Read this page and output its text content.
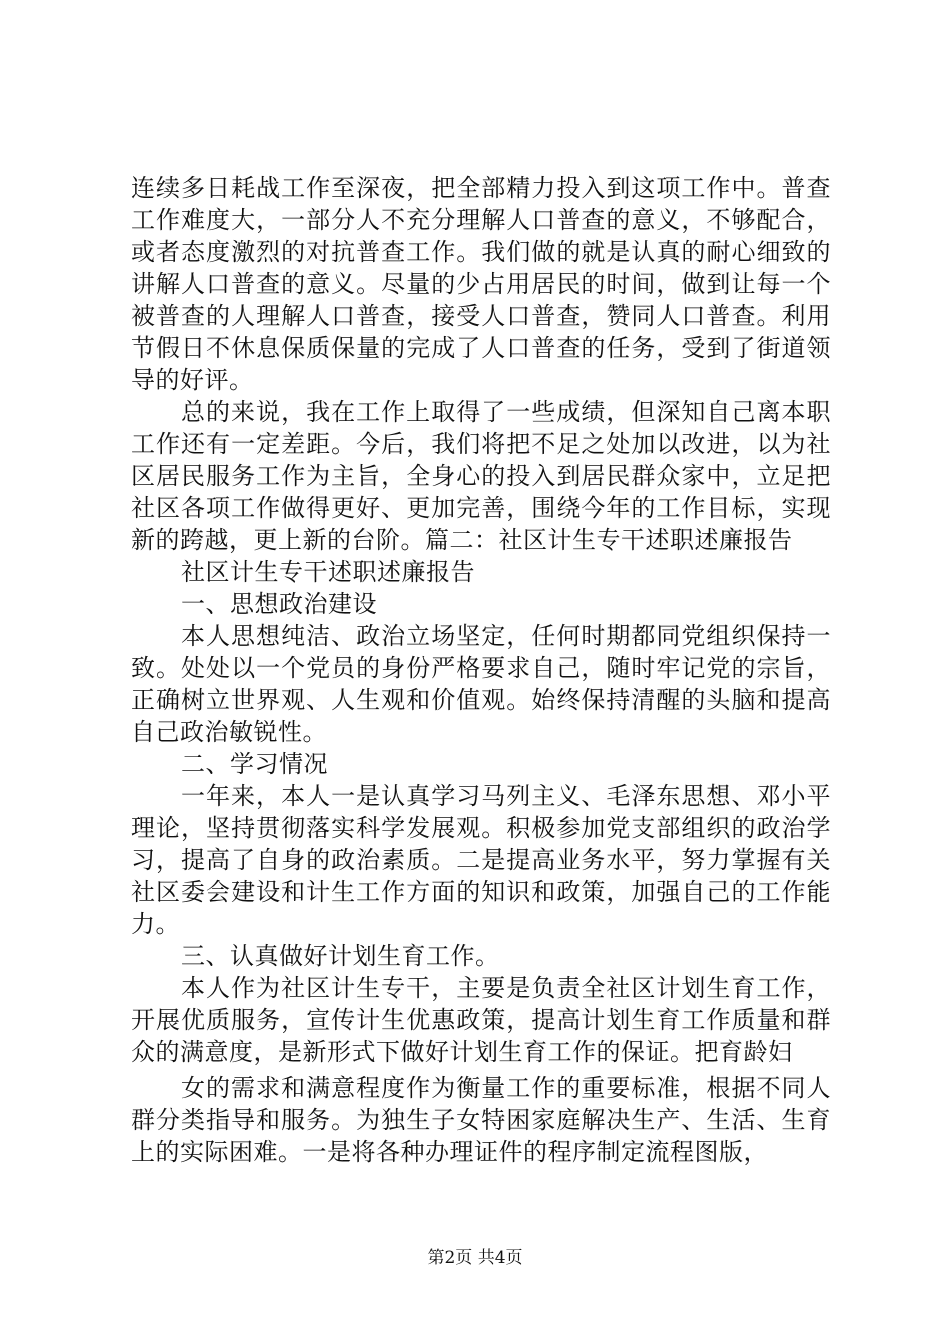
连续多日耗战工作至深夜，把全部精力投入到这项工作中。普查工作难度大，一部分人不充分理解人口普查的意义，不够配合，或者态度激烈的对抗普查工作。我们做的就是认真的耐心细致的讲解人口普查的意义。尽量的少占用居民的时间，做到让每一个被普查的人理解人口普查，接受人口普查，赞同人口普查。利用节假日不休息保质保量的完成了人口普查的任务，受到了街道领导的好评。

总的来说，我在工作上取得了一些成绩，但深知自己离本职工作还有一定差距。今后，我们将把不足之处加以改进，以为社区居民服务工作为主旨，全身心的投入到居民群众家中，立足把社区各项工作做得更好、更加完善，围绕今年的工作目标，实现新的跨越，更上新的台阶。篇二：社区计生专干述职述廉报告

社区计生专干述职述廉报告

一、思想政治建设

本人思想纯洁、政治立场坚定，任何时期都同党组织保持一致。处处以一个党员的身份严格要求自己，随时牢记党的宗旨，正确树立世界观、人生观和价值观。始终保持清醒的头脑和提高自己政治敏锐性。

二、学习情况

一年来，本人一是认真学习马列主义、毛泽东思想、邓小平理论，坚持贯彻落实科学发展观。积极参加党支部组织的政治学习，提高了自身的政治素质。二是提高业务水平，努力掌握有关社区委会建设和计生工作方面的知识和政策，加强自己的工作能力。

三、认真做好计划生育工作。

本人作为社区计生专干，主要是负责全社区计划生育工作，开展优质服务，宣传计生优惠政策，提高计划生育工作质量和群众的满意度，是新形式下做好计划生育工作的保证。把育龄妇

女的需求和满意程度作为衡量工作的重要标准，根据不同人群分类指导和服务。为独生子女特困家庭解决生产、生活、生育上的实际困难。一是将各种办理证件的程序制定流程图版，

第2页 共4页
